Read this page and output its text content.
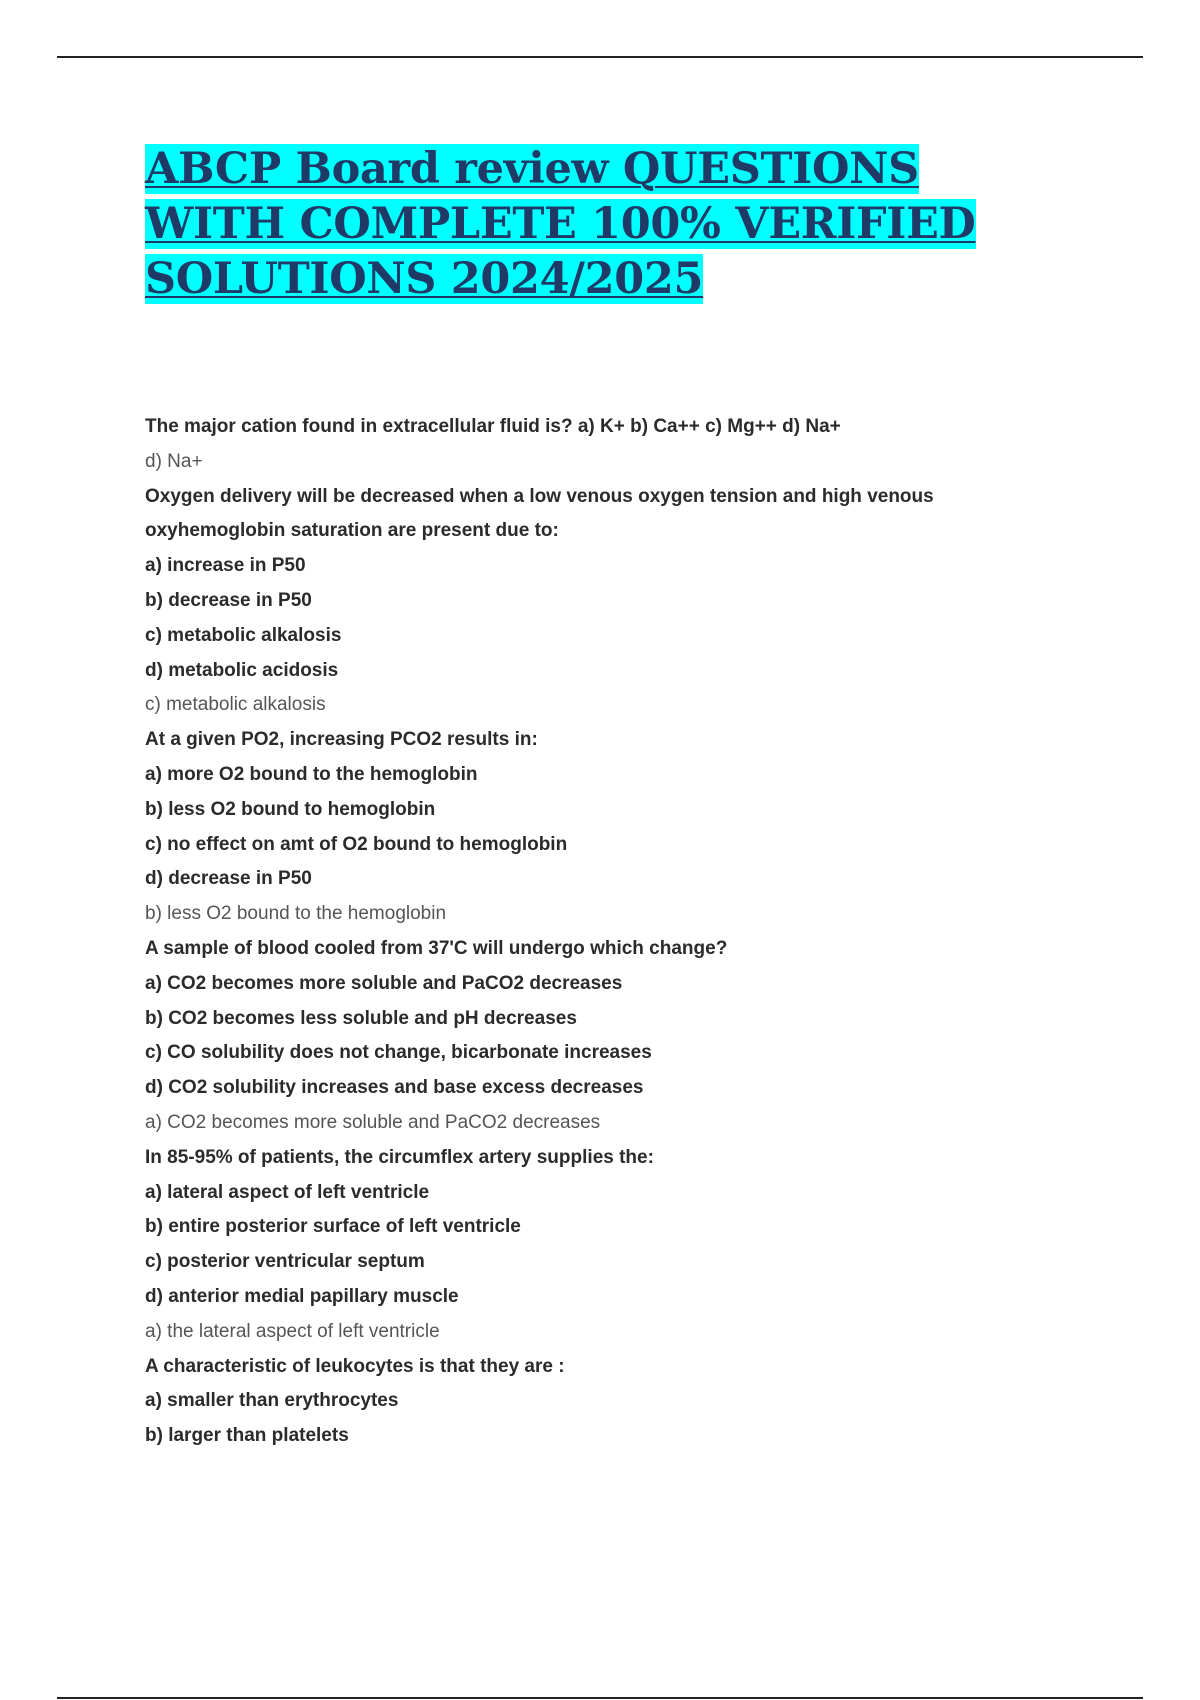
ABCP Board review QUESTIONS
WITH COMPLETE 100% VERIFIED
SOLUTIONS 2024/2025
The major cation found in extracellular fluid is? a) K+ b) Ca++ c) Mg++ d) Na+
d) Na+
Oxygen delivery will be decreased when a low venous oxygen tension and high venous
oxyhemoglobin saturation are present due to:
a) increase in P50
b) decrease in P50
c) metabolic alkalosis
d) metabolic acidosis
c) metabolic alkalosis
At a given PO2, increasing PCO2 results in:
a) more O2 bound to the hemoglobin
b) less O2 bound to hemoglobin
c) no effect on amt of O2 bound to hemoglobin
d) decrease in P50
b) less O2 bound to the hemoglobin
A sample of blood cooled from 37'C will undergo which change?
a) CO2 becomes more soluble and PaCO2 decreases
b) CO2 becomes less soluble and pH decreases
c) CO solubility does not change, bicarbonate increases
d) CO2 solubility increases and base excess decreases
a) CO2 becomes more soluble and PaCO2 decreases
In 85-95% of patients, the circumflex artery supplies the:
a) lateral aspect of left ventricle
b) entire posterior surface of left ventricle
c) posterior ventricular septum
d) anterior medial papillary muscle
a) the lateral aspect of left ventricle
A characteristic of leukocytes is that they are :
a) smaller than erythrocytes
b) larger than platelets
